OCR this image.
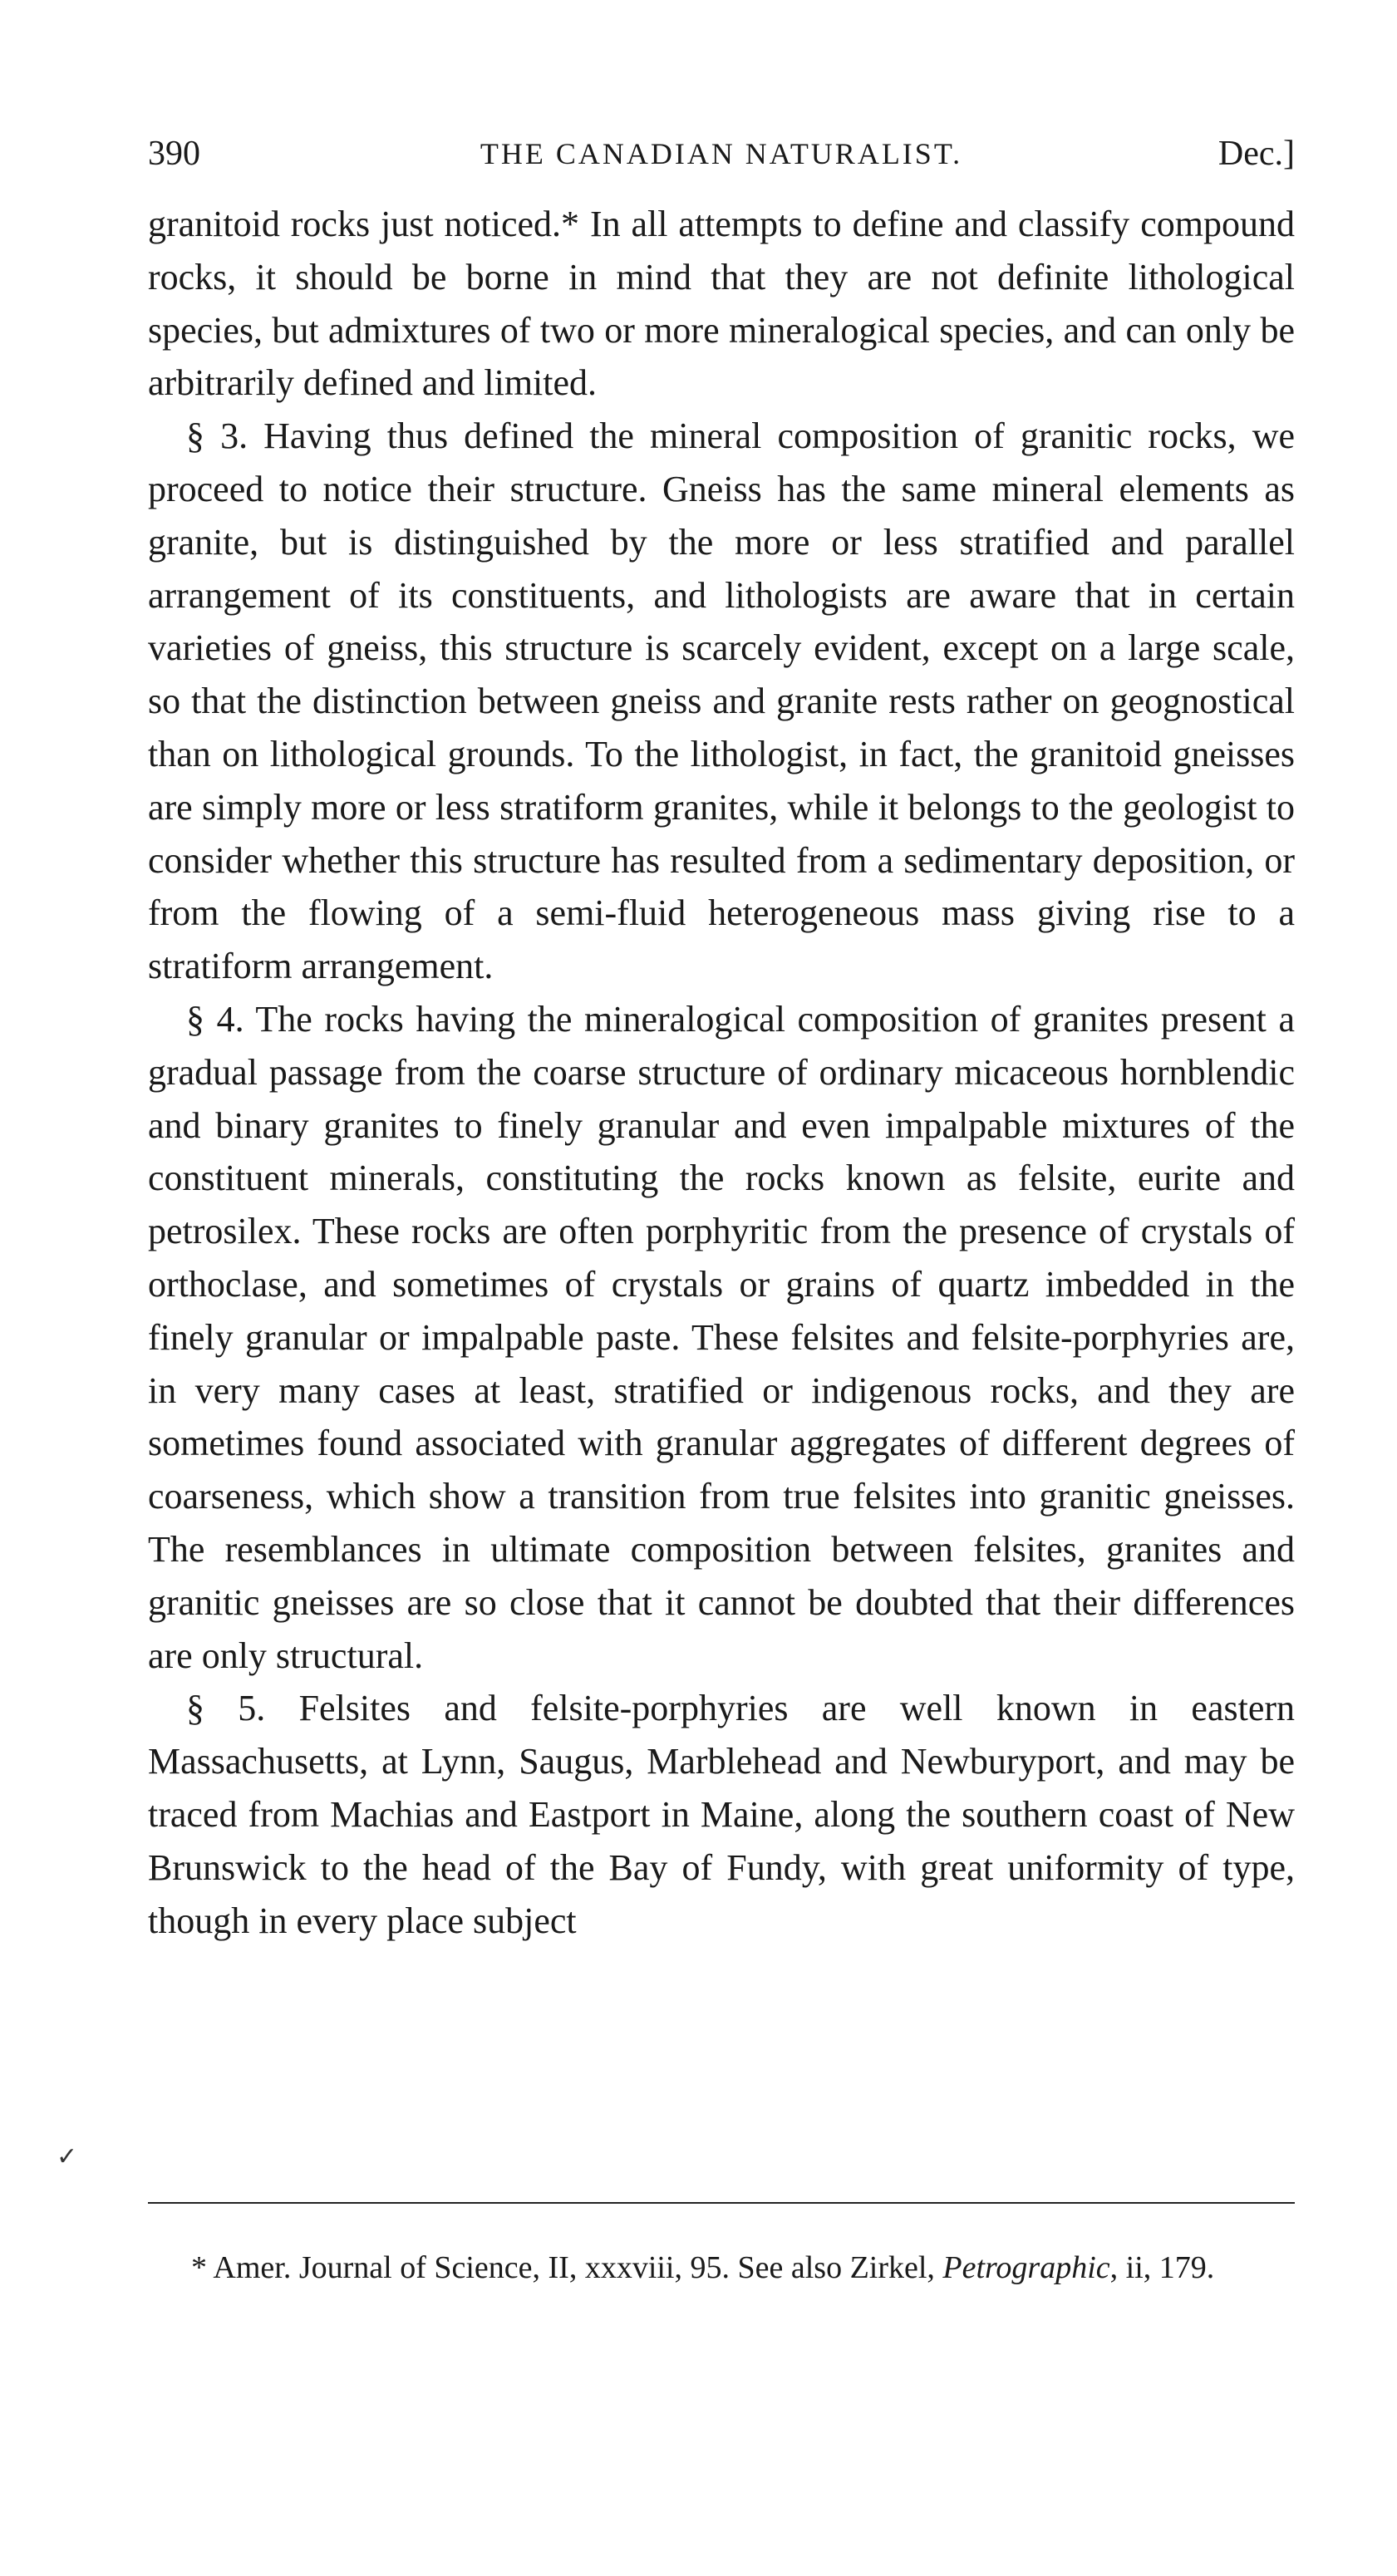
390	THE CANADIAN NATURALIST.	Dec.]

granitoid rocks just noticed.* In all attempts to define and classify compound rocks, it should be borne in mind that they are not definite lithological species, but admixtures of two or more mineralogical species, and can only be arbitrarily defined and limited.

§ 3. Having thus defined the mineral composition of granitic rocks, we proceed to notice their structure. Gneiss has the same mineral elements as granite, but is distinguished by the more or less stratified and parallel arrangement of its constituents, and lithologists are aware that in certain varieties of gneiss, this structure is scarcely evident, except on a large scale, so that the distinction between gneiss and granite rests rather on geognostical than on lithological grounds. To the lithologist, in fact, the granitoid gneisses are simply more or less stratiform granites, while it belongs to the geologist to consider whether this structure has resulted from a sedimentary deposition, or from the flowing of a semi-fluid heterogeneous mass giving rise to a stratiform arrangement.

§ 4. The rocks having the mineralogical composition of granites present a gradual passage from the coarse structure of ordinary micaceous hornblendic and binary granites to finely granular and even impalpable mixtures of the constituent minerals, constituting the rocks known as felsite, eurite and petrosilex. These rocks are often porphyritic from the presence of crystals of orthoclase, and sometimes of crystals or grains of quartz imbedded in the finely granular or impalpable paste. These felsites and felsite-porphyries are, in very many cases at least, stratified or indigenous rocks, and they are sometimes found associated with granular aggregates of different degrees of coarseness, which show a transition from true felsites into granitic gneisses. The resemblances in ultimate composition between felsites, granites and granitic gneisses are so close that it cannot be doubted that their differences are only structural.

§ 5. Felsites and felsite-porphyries are well known in eastern Massachusetts, at Lynn, Saugus, Marblehead and Newburyport, and may be traced from Machias and Eastport in Maine, along the southern coast of New Brunswick to the head of the Bay of Fundy, with great uniformity of type, though in every place subject

* Amer. Journal of Science, II, xxxviii, 95. See also Zirkel, Petrographic, ii, 179.
✓
